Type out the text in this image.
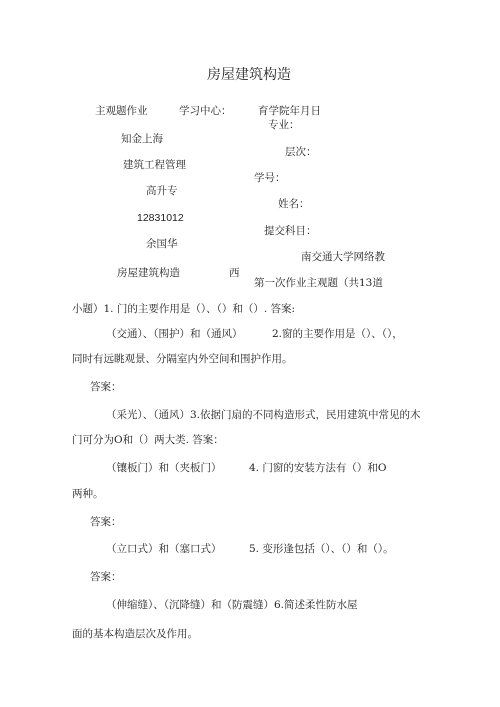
房屋建筑构造
主观题作业	学习中心：	育学院年月日
专业：
知金上海
层次：
建筑工程管理
学号：
高升专
姓名：
12831012
提交科目：
余国华
南交通大学网络教
房屋建筑构造	西
第一次作业主观题（共13道
小题）1. 门的主要作用是（）、（）和（）. 答案:
（交通）、（围护）和（通风）	2.窗的主要作用是（）、（），
同时有远眺观景、分隔室内外空间和围护作用。
答案：
（采光）、（通风）3.依据门扇的不同构造形式，民用建筑中常见的木
门可分为O和（）两大类. 答案：
（镶板门）和（夹板门）	4. 门窗的安装方法有（）和O
两种。
答案：
（立口式）和（塞口式）	5. 变形逢包括（）、（）和（）。
答案：
（伸缩缝）、（沉降缝）和（防震缝）6.简述柔性防水屋
面的基本构造层次及作用。
